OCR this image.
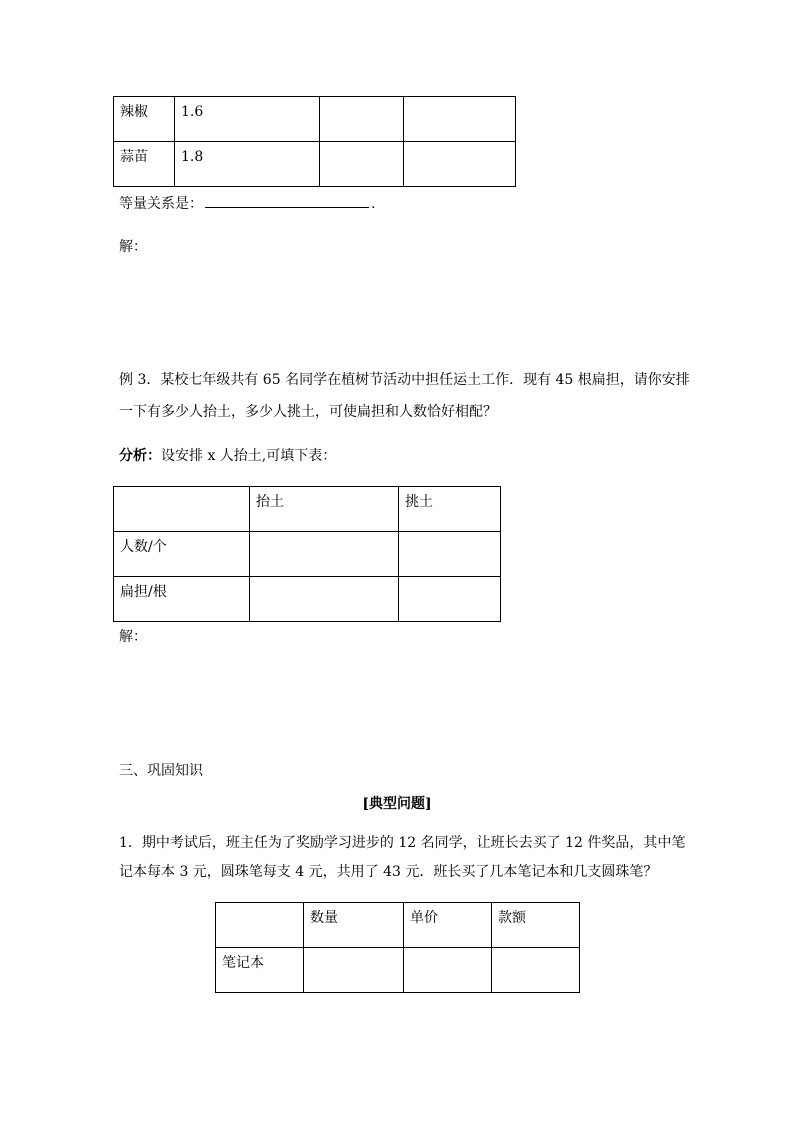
辣椒	1.6		
蒜苗	1.8		
等量关系是：	.
解：
例 3．某校七年级共有 65 名同学在植树节活动中担任运土工作．现有 45 根扁担，请你安排
一下有多少人抬土，多少人挑土，可使扁担和人数恰好相配？
分析：设安排 x 人抬土,可填下表：
	抬土	挑土
人数/个		
扁担/根		
解：
三、巩固知识
[典型问题]
1．期中考试后，班主任为了奖励学习进步的 12 名同学，让班长去买了 12 件奖品，其中笔
记本每本 3 元，圆珠笔每支 4 元，共用了 43 元．班长买了几本笔记本和几支圆珠笔？
	数量	单价	款额
笔记本			
